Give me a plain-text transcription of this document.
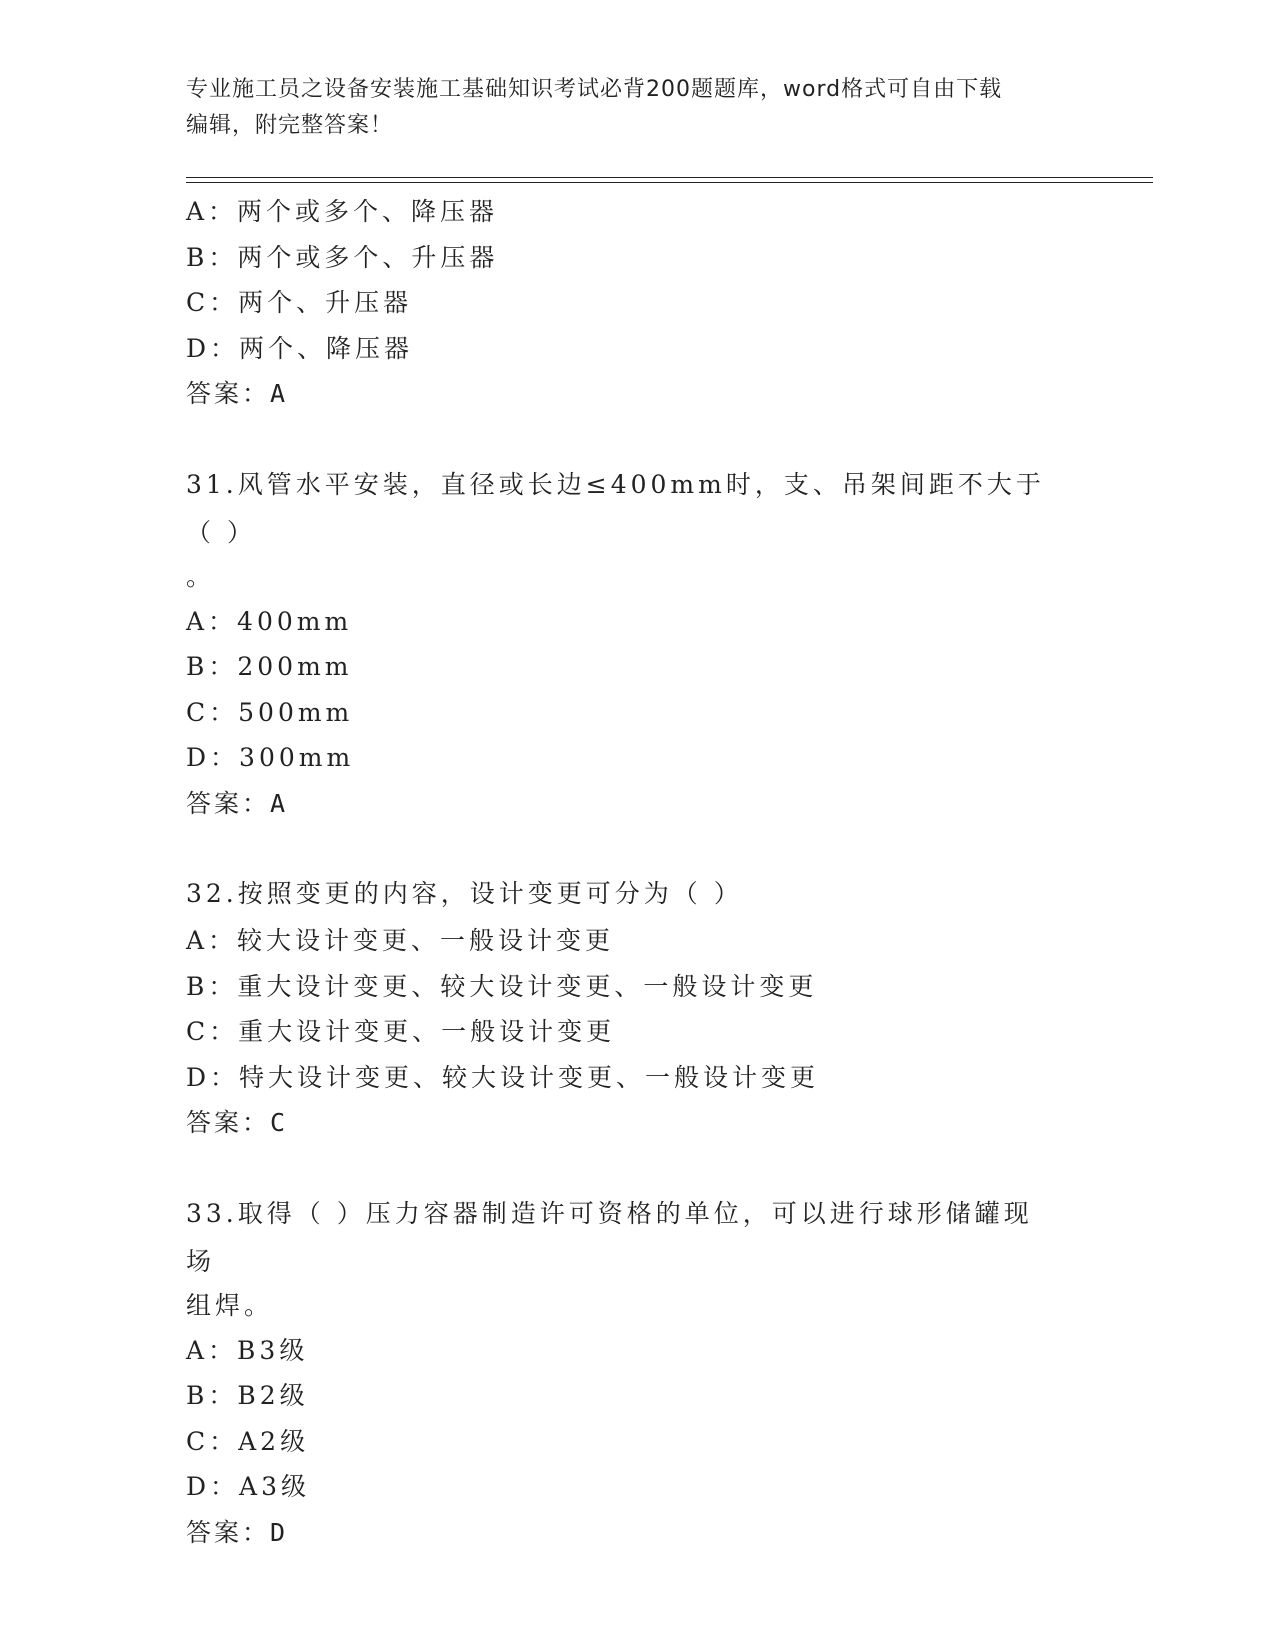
专业施工员之设备安装施工基础知识考试必背200题题库，word格式可自由下载
编辑，附完整答案！
A：两个或多个、降压器
B：两个或多个、升压器
C：两个、升压器
D：两个、降压器
答案：A
31.风管水平安装，直径或长边≤400mm时，支、吊架间距不大于（ ）
。
A：400mm
B：200mm
C：500mm
D：300mm
答案：A
32.按照变更的内容，设计变更可分为（ ）
A：较大设计变更、一般设计变更
B：重大设计变更、较大设计变更、一般设计变更
C：重大设计变更、一般设计变更
D：特大设计变更、较大设计变更、一般设计变更
答案：C
33.取得（ ）压力容器制造许可资格的单位，可以进行球形储罐现场
组焊。
A：B3级
B：B2级
C：A2级
D：A3级
答案：D
